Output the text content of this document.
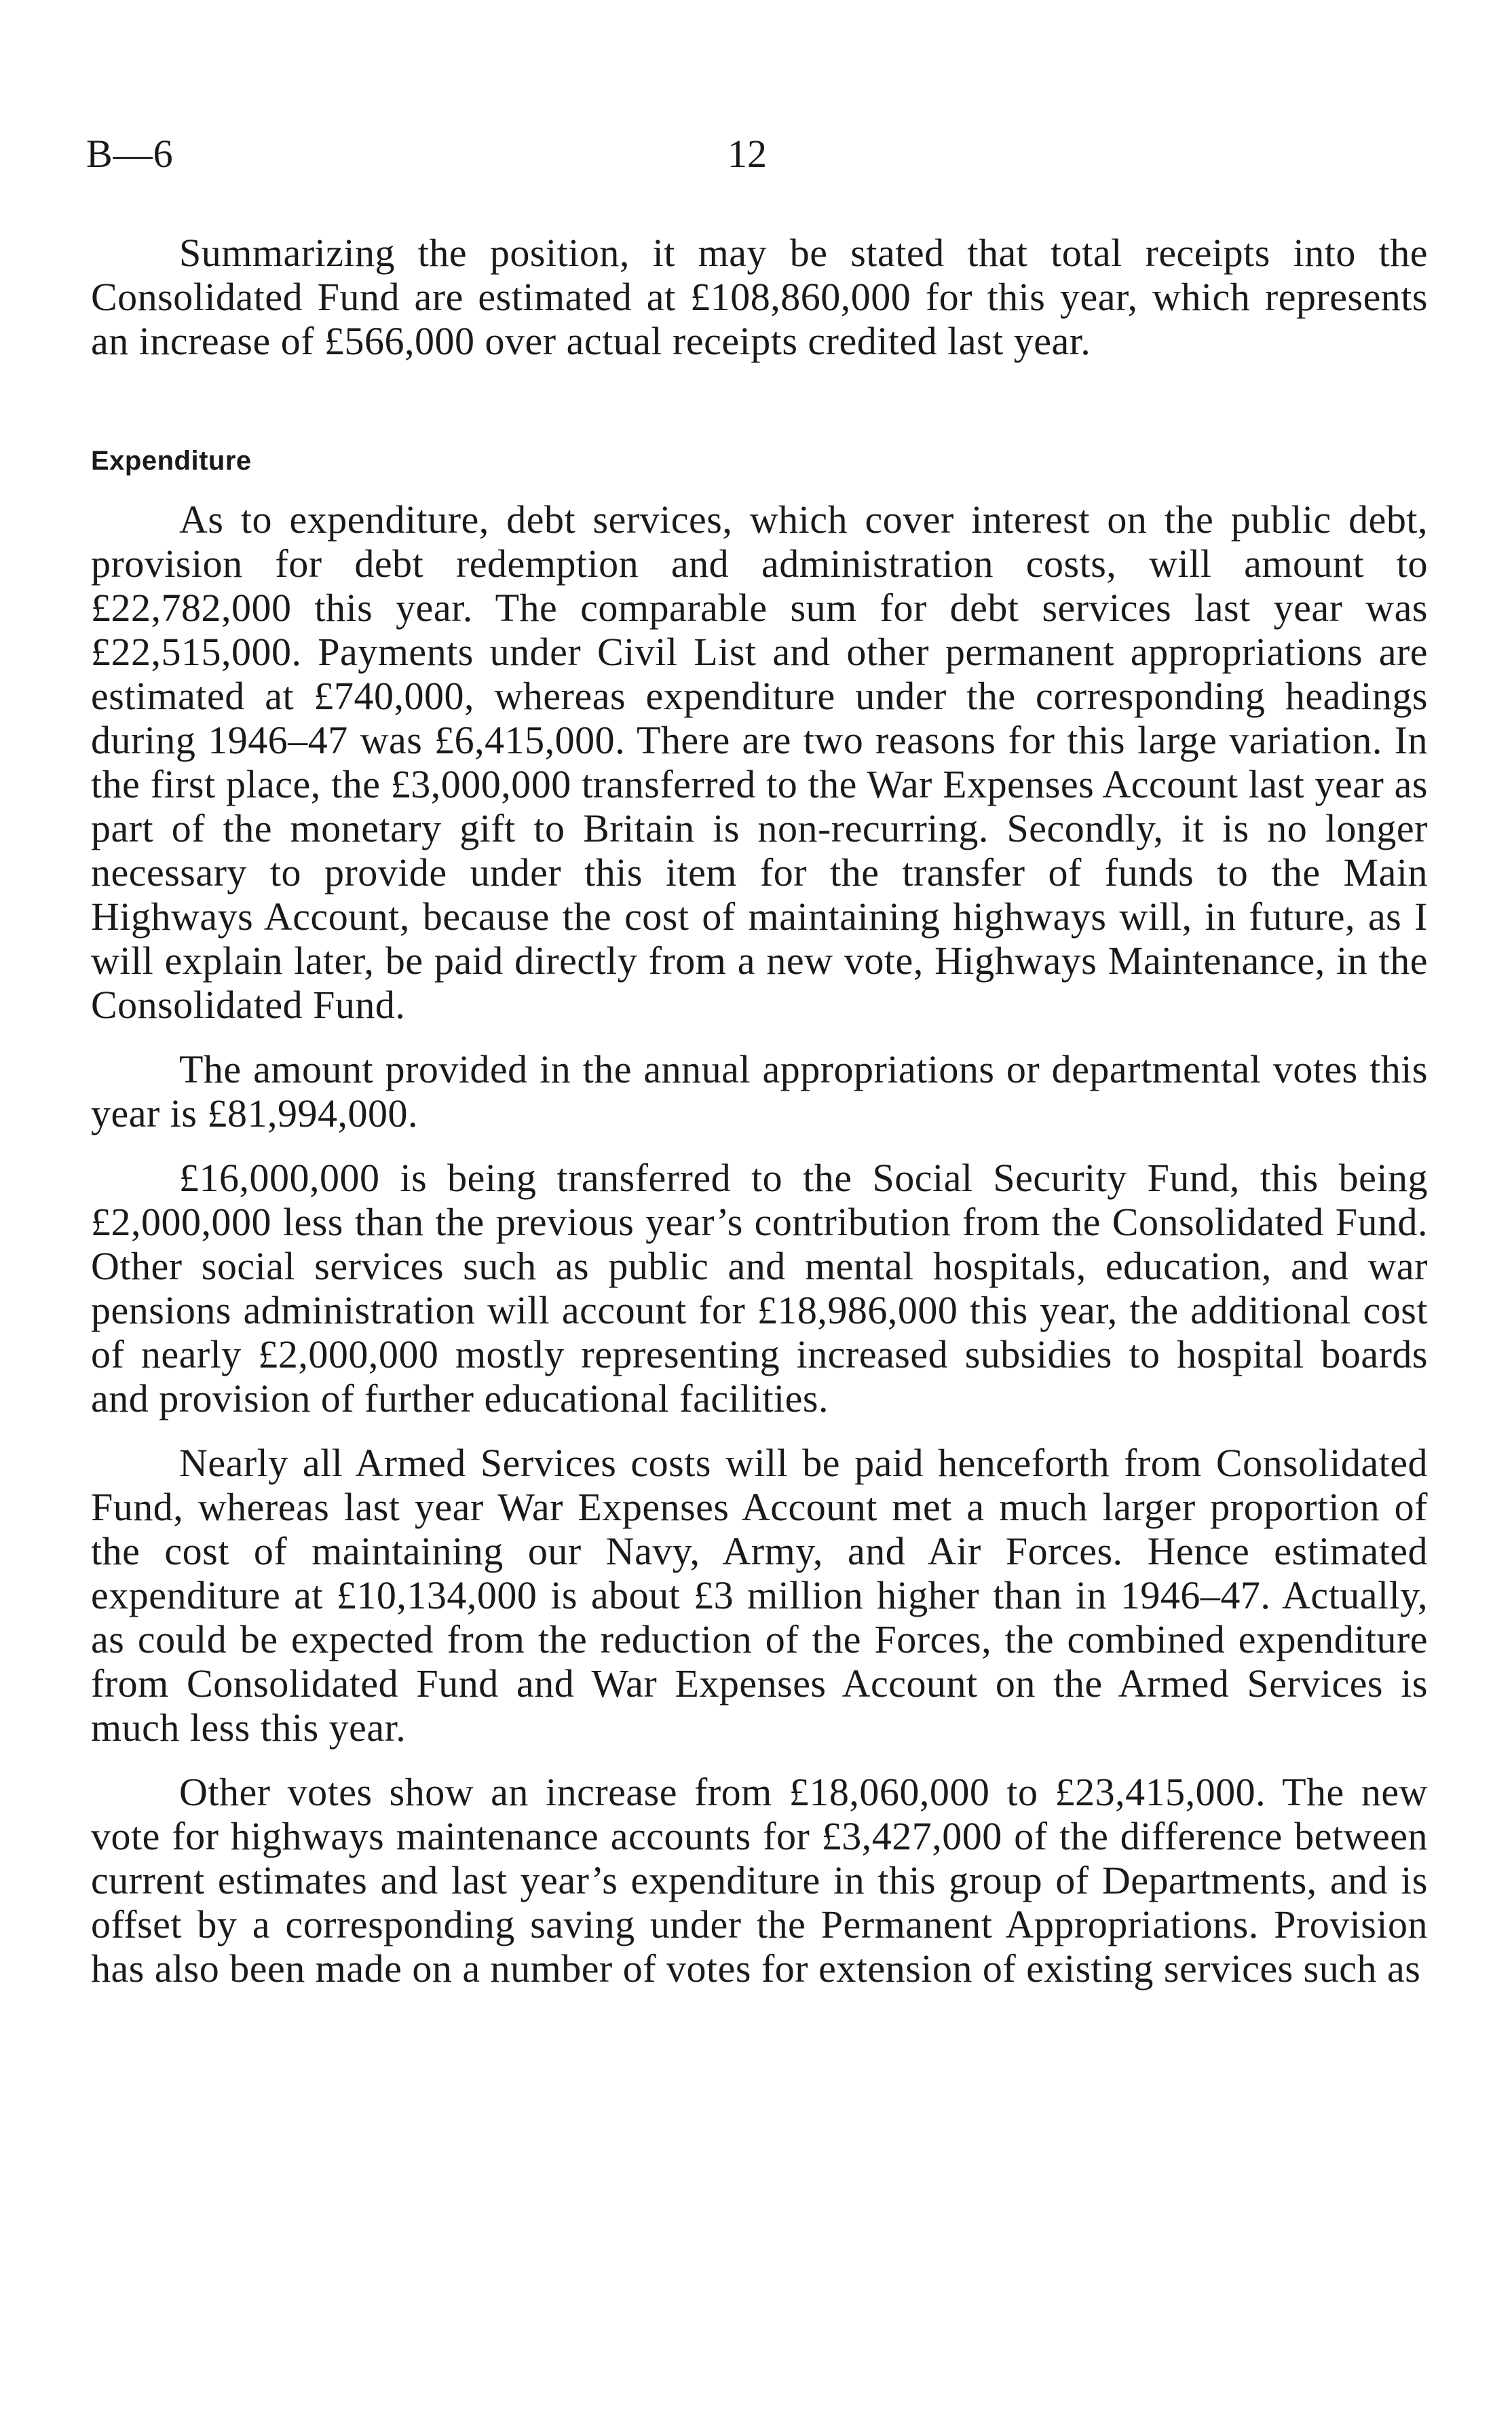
B—6	12

Summarizing the position, it may be stated that total receipts into the Consolidated Fund are estimated at £108,860,000 for this year, which represents an increase of £566,000 over actual receipts credited last year.

Expenditure

As to expenditure, debt services, which cover interest on the public debt, provision for debt redemption and administration costs, will amount to £22,782,000 this year. The comparable sum for debt services last year was £22,515,000. Payments under Civil List and other permanent appropriations are estimated at £740,000, whereas expenditure under the corresponding headings during 1946–47 was £6,415,000. There are two reasons for this large variation. In the first place, the £3,000,000 transferred to the War Expenses Account last year as part of the monetary gift to Britain is non-recurring. Secondly, it is no longer necessary to provide under this item for the transfer of funds to the Main Highways Account, because the cost of maintaining highways will, in future, as I will explain later, be paid directly from a new vote, Highways Maintenance, in the Consolidated Fund.

The amount provided in the annual appropriations or departmental votes this year is £81,994,000.

£16,000,000 is being transferred to the Social Security Fund, this being £2,000,000 less than the previous year’s contribution from the Consolidated Fund. Other social services such as public and mental hospitals, education, and war pensions administration will account for £18,986,000 this year, the additional cost of nearly £2,000,000 mostly representing increased subsidies to hospital boards and provision of further educational facilities.

Nearly all Armed Services costs will be paid henceforth from Consolidated Fund, whereas last year War Expenses Account met a much larger proportion of the cost of maintaining our Navy, Army, and Air Forces. Hence estimated expenditure at £10,134,000 is about £3 million higher than in 1946–47. Actually, as could be expected from the reduction of the Forces, the combined expenditure from Consolidated Fund and War Expenses Account on the Armed Services is much less this year.

Other votes show an increase from £18,060,000 to £23,415,000. The new vote for highways maintenance accounts for £3,427,000 of the difference between current estimates and last year’s expenditure in this group of Departments, and is offset by a corresponding saving under the Permanent Appropriations. Provision has also been made on a number of votes for extension of existing services such as
